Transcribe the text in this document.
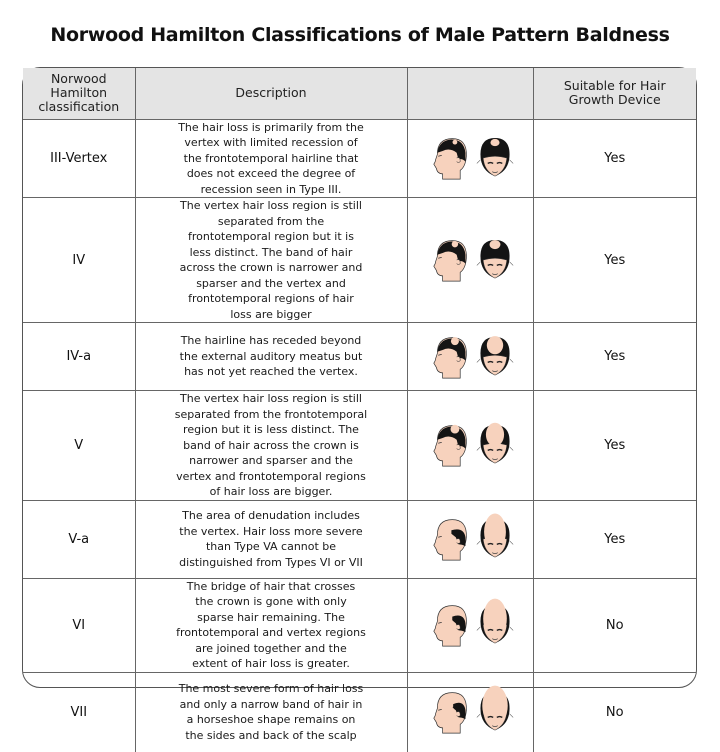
Norwood Hamilton Classifications of Male Pattern Baldness
Norwood Hamilton classification	Description		Suitable for Hair Growth Device
III-Vertex	The hair loss is primarily from the vertex with limited recession of the frontotemporal hairline that does not exceed the degree of recession seen in Type III.		Yes
IV	The vertex hair loss region is still separated from the frontotemporal region but it is less distinct. The band of hair across the crown is narrower and sparser and the vertex and frontotemporal regions of hair loss are bigger		Yes
IV-a	The hairline has receded beyond the external auditory meatus but has not yet reached the vertex.		Yes
V	The vertex hair loss region is still separated from the frontotemporal region but it is less distinct. The band of hair across the crown is narrower and sparser and the vertex and frontotemporal regions of hair loss are bigger.		Yes
V-a	The area of denudation includes the vertex. Hair loss more severe than Type VA cannot be distinguished from Types VI or VII		Yes
VI	The bridge of hair that crosses the crown is gone with only sparse hair remaining. The frontotemporal and vertex regions are joined together and the extent of hair loss is greater.		No
VII	The most severe form of hair loss and only a narrow band of hair in a horseshoe shape remains on the sides and back of the scalp		No
